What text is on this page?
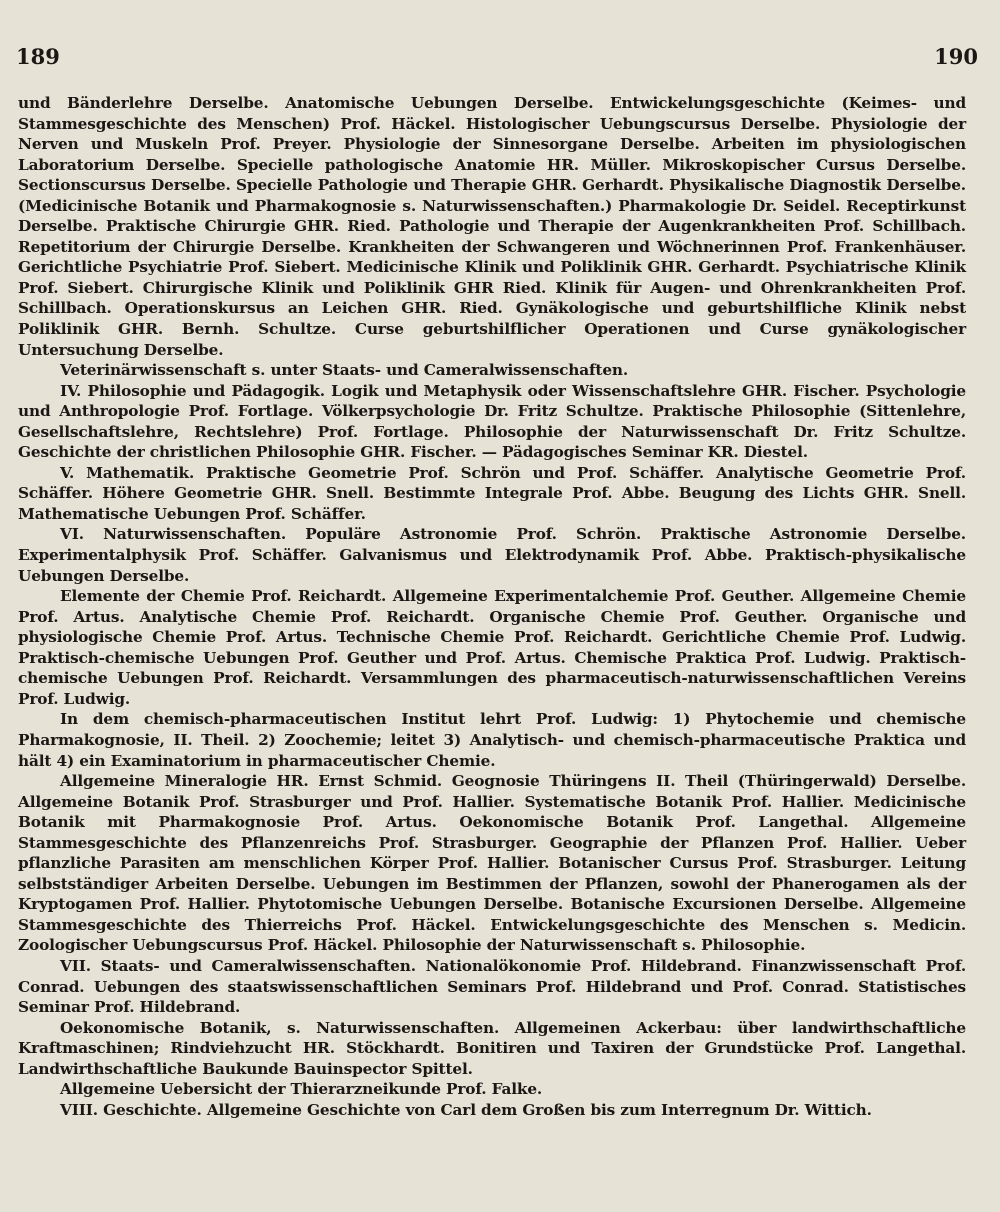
189	190

und Bänderlehre Derselbe. Anatomische Uebungen Derselbe. Entwickelungsgeschichte (Keimes- und Stammesgeschichte des Menschen) Prof. Häckel. Histologischer Uebungscursus Derselbe. Physiologie der Nerven und Muskeln Prof. Preyer. Physiologie der Sinnesorgane Derselbe. Arbeiten im physiologischen Laboratorium Derselbe. Specielle pathologische Anatomie HR. Müller. Mikroskopischer Cursus Derselbe. Sectionscursus Derselbe. Specielle Pathologie und Therapie GHR. Gerhardt. Physikalische Diagnostik Derselbe. (Medicinische Botanik und Pharmakognosie s. Naturwissenschaften.) Pharmakologie Dr. Seidel. Receptirkunst Derselbe. Praktische Chirurgie GHR. Ried. Pathologie und Therapie der Augenkrankheiten Prof. Schillbach. Repetitorium der Chirurgie Derselbe. Krankheiten der Schwangeren und Wöchnerinnen Prof. Frankenhäuser. Gerichtliche Psychiatrie Prof. Siebert. Medicinische Klinik und Poliklinik GHR. Gerhardt. Psychiatrische Klinik Prof. Siebert. Chirurgische Klinik und Poliklinik GHR Ried. Klinik für Augen- und Ohrenkrankheiten Prof. Schillbach. Operationskursus an Leichen GHR. Ried. Gynäkologische und geburtshilfliche Klinik nebst Poliklinik GHR. Bernh. Schultze. Curse geburtshilflicher Operationen und Curse gynäkologischer Untersuchung Derselbe.

Veterinärwissenschaft s. unter Staats- und Cameralwissenschaften.

IV. Philosophie und Pädagogik. Logik und Metaphysik oder Wissenschaftslehre GHR. Fischer. Psychologie und Anthropologie Prof. Fortlage. Völkerpsychologie Dr. Fritz Schultze. Praktische Philosophie (Sittenlehre, Gesellschaftslehre, Rechtslehre) Prof. Fortlage. Philosophie der Naturwissenschaft Dr. Fritz Schultze. Geschichte der christlichen Philosophie GHR. Fischer. — Pädagogisches Seminar KR. Diestel.

V. Mathematik. Praktische Geometrie Prof. Schrön und Prof. Schäffer. Analytische Geometrie Prof. Schäffer. Höhere Geometrie GHR. Snell. Bestimmte Integrale Prof. Abbe. Beugung des Lichts GHR. Snell. Mathematische Uebungen Prof. Schäffer.

VI. Naturwissenschaften. Populäre Astronomie Prof. Schrön. Praktische Astronomie Derselbe. Experimentalphysik Prof. Schäffer. Galvanismus und Elektrodynamik Prof. Abbe. Praktisch-physikalische Uebungen Derselbe.

Elemente der Chemie Prof. Reichardt. Allgemeine Experimentalchemie Prof. Geuther. Allgemeine Chemie Prof. Artus. Analytische Chemie Prof. Reichardt. Organische Chemie Prof. Geuther. Organische und physiologische Chemie Prof. Artus. Technische Chemie Prof. Reichardt. Gerichtliche Chemie Prof. Ludwig. Praktisch-chemische Uebungen Prof. Geuther und Prof. Artus. Chemische Praktica Prof. Ludwig. Praktisch-chemische Uebungen Prof. Reichardt. Versammlungen des pharmaceutisch-naturwissenschaftlichen Vereins Prof. Ludwig.

In dem chemisch-pharmaceutischen Institut lehrt Prof. Ludwig: 1) Phytochemie und chemische Pharmakognosie, II. Theil. 2) Zoochemie; leitet 3) Analytisch- und chemisch-pharmaceutische Praktica und hält 4) ein Examinatorium in pharmaceutischer Chemie.

Allgemeine Mineralogie HR. Ernst Schmid. Geognosie Thüringens II. Theil (Thüringerwald) Derselbe. Allgemeine Botanik Prof. Strasburger und Prof. Hallier. Systematische Botanik Prof. Hallier. Medicinische Botanik mit Pharmakognosie Prof. Artus. Oekonomische Botanik Prof. Langethal. Allgemeine Stammesgeschichte des Pflanzenreichs Prof. Strasburger. Geographie der Pflanzen Prof. Hallier. Ueber pflanzliche Parasiten am menschlichen Körper Prof. Hallier. Botanischer Cursus Prof. Strasburger. Leitung selbstständiger Arbeiten Derselbe. Uebungen im Bestimmen der Pflanzen, sowohl der Phanerogamen als der Kryptogamen Prof. Hallier. Phytotomische Uebungen Derselbe. Botanische Excursionen Derselbe. Allgemeine Stammesgeschichte des Thierreichs Prof. Häckel. Entwickelungsgeschichte des Menschen s. Medicin. Zoologischer Uebungscursus Prof. Häckel. Philosophie der Naturwissenschaft s. Philosophie.

VII. Staats- und Cameralwissenschaften. Nationalökonomie Prof. Hildebrand. Finanzwissenschaft Prof. Conrad. Uebungen des staatswissenschaftlichen Seminars Prof. Hildebrand und Prof. Conrad. Statistisches Seminar Prof. Hildebrand.

Oekonomische Botanik, s. Naturwissenschaften. Allgemeinen Ackerbau: über landwirthschaftliche Kraftmaschinen; Rindviehzucht HR. Stöckhardt. Bonitiren und Taxiren der Grundstücke Prof. Langethal. Landwirthschaftliche Baukunde Bauinspector Spittel.

Allgemeine Uebersicht der Thierarzneikunde Prof. Falke.

VIII. Geschichte. Allgemeine Geschichte von Carl dem Großen bis zum Interregnum Dr. Wittich.
